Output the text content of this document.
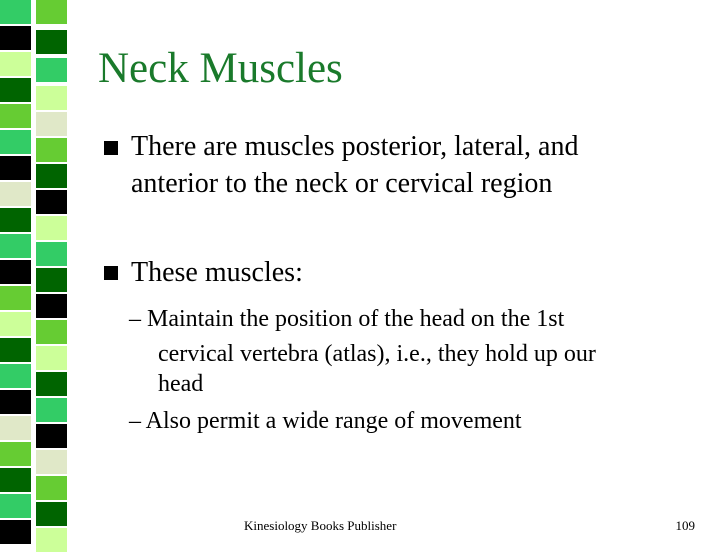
Neck Muscles
There are muscles posterior, lateral, and
anterior to the neck or cervical region
These muscles:
– Maintain the position of the head on the 1st
cervical vertebra (atlas), i.e., they hold up our
head
– Also permit a wide range of movement
Kinesiology Books Publisher	109
